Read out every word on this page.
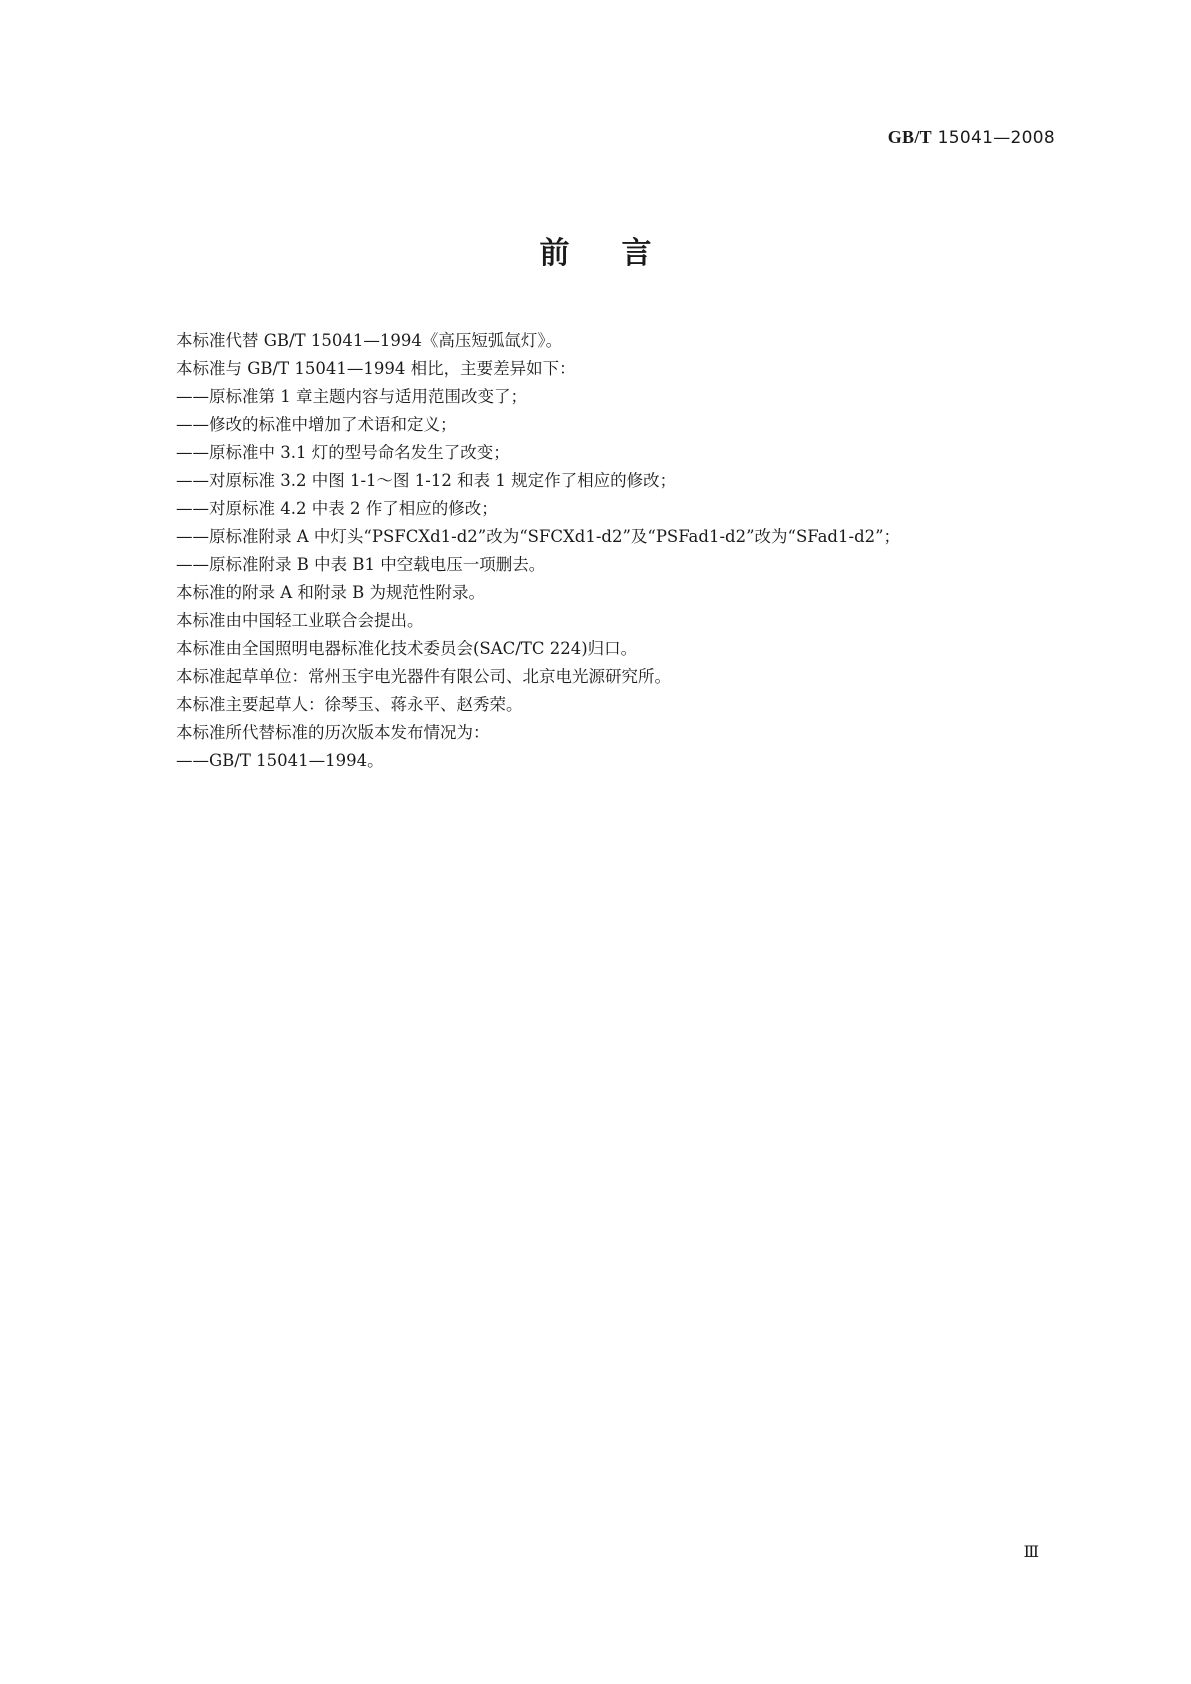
GB/T 15041—2008
前言
本标准代替 GB/T 15041—1994《高压短弧氙灯》。
本标准与 GB/T 15041—1994 相比，主要差异如下：
——原标准第 1 章主题内容与适用范围改变了；
——修改的标准中增加了术语和定义；
——原标准中 3.1 灯的型号命名发生了改变；
——对原标准 3.2 中图 1-1～图 1-12 和表 1 规定作了相应的修改；
——对原标准 4.2 中表 2 作了相应的修改；
——原标准附录 A 中灯头“PSFCXd1-d2”改为“SFCXd1-d2”及“PSFad1-d2”改为“SFad1-d2”；
——原标准附录 B 中表 B1 中空载电压一项删去。
本标准的附录 A 和附录 B 为规范性附录。
本标准由中国轻工业联合会提出。
本标准由全国照明电器标准化技术委员会(SAC/TC 224)归口。
本标准起草单位：常州玉宇电光器件有限公司、北京电光源研究所。
本标准主要起草人：徐琴玉、蒋永平、赵秀荣。
本标准所代替标准的历次版本发布情况为：
——GB/T 15041—1994。
Ⅲ
